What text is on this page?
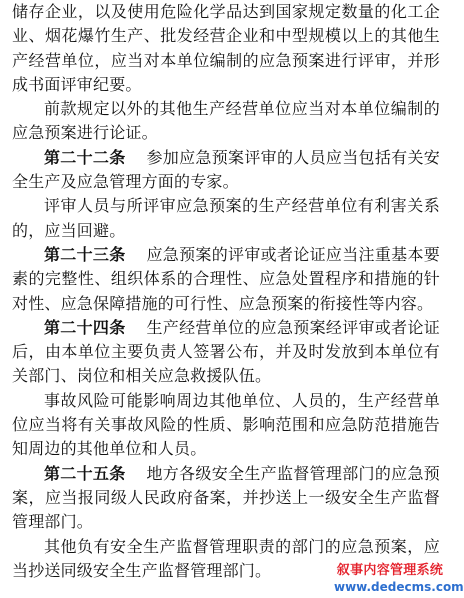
储存企业，以及使用危险化学品达到国家规定数量的化工企业、烟花爆竹生产、批发经营企业和中型规模以上的其他生产经营单位，应当对本单位编制的应急预案进行评审，并形成书面评审纪要。

前款规定以外的其他生产经营单位应当对本单位编制的应急预案进行论证。

第二十二条 参加应急预案评审的人员应当包括有关安全生产及应急管理方面的专家。

评审人员与所评审应急预案的生产经营单位有利害关系的，应当回避。

第二十三条 应急预案的评审或者论证应当注重基本要素的完整性、组织体系的合理性、应急处置程序和措施的针对性、应急保障措施的可行性、应急预案的衔接性等内容。

第二十四条 生产经营单位的应急预案经评审或者论证后，由本单位主要负责人签署公布，并及时发放到本单位有关部门、岗位和相关应急救援队伍。

事故风险可能影响周边其他单位、人员的，生产经营单位应当将有关事故风险的性质、影响范围和应急防范措施告知周边的其他单位和人员。

第二十五条 地方各级安全生产监督管理部门的应急预案，应当报同级人民政府备案，并抄送上一级安全生产监督管理部门。

其他负有安全生产监督管理职责的部门的应急预案，应当抄送同级安全生产监督管理部门。	叙事内容管理系统
www.dedecms.com
